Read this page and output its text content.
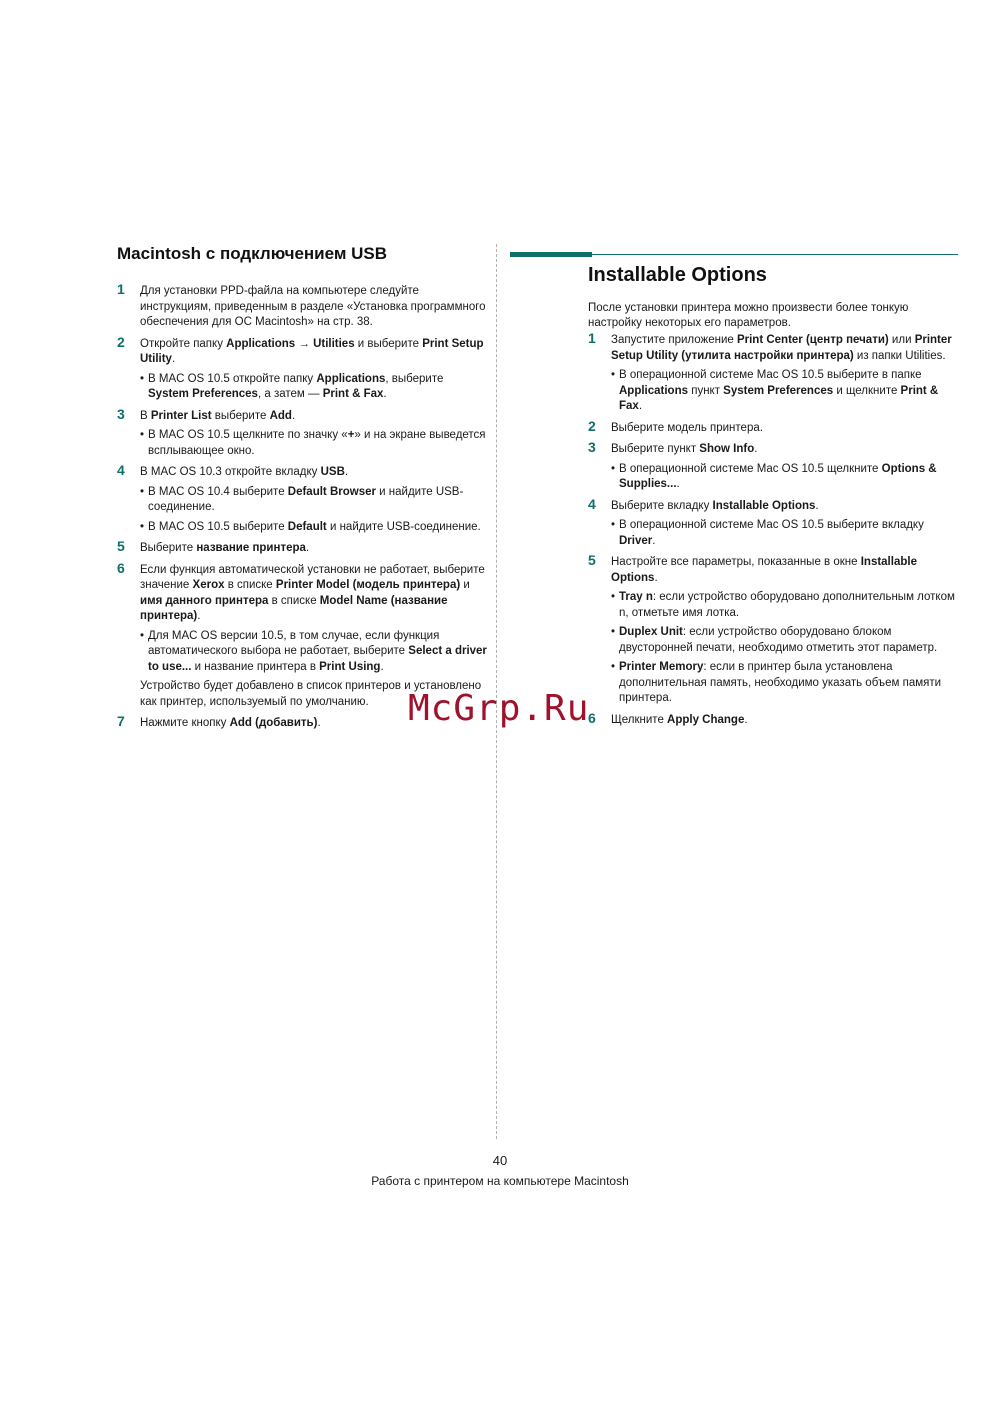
Macintosh с подключением USB
1 Для установки PPD-файла на компьютере следуйте инструкциям, приведенным в разделе «Установка программного обеспечения для ОС Macintosh» на стр. 38.
2 Откройте папку Applications → Utilities и выберите Print Setup Utility.
• В MAC OS 10.5 откройте папку Applications, выберите System Preferences, а затем — Print & Fax.
3 В Printer List выберите Add.
• В MAC OS 10.5 щелкните по значку «+» и на экране выведется всплывающее окно.
4 В MAC OS 10.3 откройте вкладку USB.
• В MAC OS 10.4 выберите Default Browser и найдите USB-соединение.
• В MAC OS 10.5 выберите Default и найдите USB-соединение.
5 Выберите название принтера.
6 Если функция автоматической установки не работает, выберите значение Xerox в списке Printer Model (модель принтера) и имя данного принтера в списке Model Name (название принтера).
• Для MAC OS версии 10.5, в том случае, если функция автоматического выбора не работает, выберите Select a driver to use... и название принтера в Print Using.
Устройство будет добавлено в список принтеров и установлено как принтер, используемый по умолчанию.
7 Нажмите кнопку Add (добавить).
Installable Options

После установки принтера можно произвести более тонкую настройку некоторых его параметров.

1 Запустите приложение Print Center (центр печати) или Printer Setup Utility (утилита настройки принтера) из папки Utilities.
• В операционной системе Mac OS 10.5 выберите в папке Applications пункт System Preferences и щелкните Print & Fax.
2 Выберите модель принтера.
3 Выберите пункт Show Info.
• В операционной системе Mac OS 10.5 щелкните Options & Supplies....
4 Выберите вкладку Installable Options.
• В операционной системе Mac OS 10.5 выберите вкладку Driver.
5 Настройте все параметры, показанные в окне Installable Options.
• Tray n: если устройство оборудовано дополнительным лотком n, отметьте имя лотка.
• Duplex Unit: если устройство оборудовано блоком двусторонней печати, необходимо отметить этот параметр.
• Printer Memory: если в принтер была установлена дополнительная память, необходимо указать объем памяти принтера.
6 Щелкните Apply Change.
McGrp.Ru
40
Работа с принтером на компьютере Macintosh
